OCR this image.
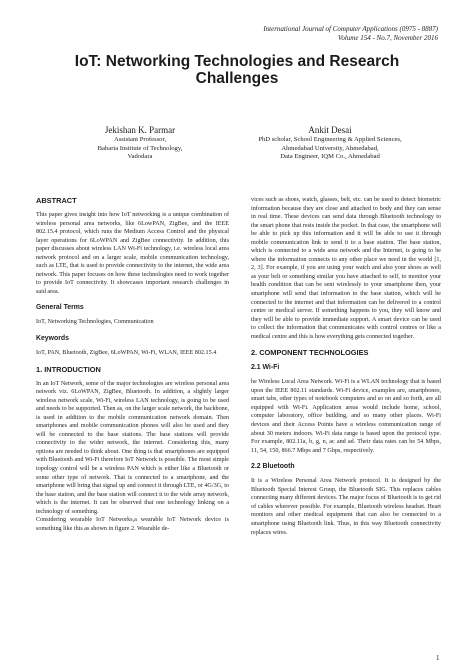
International Journal of Computer Applications (0975 - 8887)
Volume 154 - No.7, November 2016
IoT: Networking Technologies and Research
Challenges
Jekishan K. Parmar
Assistant Professor,
Babaria Institute of Technology,
Vadodara
Ankit Desai
PhD scholar, School Engineering & Applied Sciences,
Ahmedabad University, Ahmedabad,
Data Engineer, IQM Co., Ahmedabad
ABSTRACT

This paper gives insight into how IoT networking is a unique combination of wireless personal area networks, like 6LowPAN, ZigBee, and the IEEE 802.15.4 protocol, which runs the Medium Access Control and the physical layer operations for 6LoWPAN and ZigBee connectivity. In addition, this paper discusses about wireless LAN Wi-Fi technology, i.e. wireless local area network protocol and on a larger scale, mobile communication technology, such as LTE, that is used to provide connectivity to the internet, the wide area network. This paper focuses on how these technologies need to work together to provide IoT connectivity. It showcases important research challenges in said area.

General Terms

IoT, Networking Technologies, Communication

Keywords

IoT, PAN, Bluetooth, ZigBee, 6LoWPAN, Wi-Fi, WLAN, IEEE 802.15.4

1. INTRODUCTION

In an IoT Network, some of the major technologies are wireless personal area network viz. 6LoWPAN, ZigBee, Bluetooth. In addition, a slightly larger wireless network scale, Wi-Fi, wireless LAN technology, is going to be used and needs to be supported. Then as, on the larger scale network, the backbone, is used in addition to the mobile communication network domain. Then smartphones and mobile communication phones will also be used and they will be connected to the base stations. The base stations will provide connectivity to the wider network, the internet. Considering this, many options are needed to think about. One thing is that smartphones are equipped with Bluetooth and Wi-Fi therefore IoT Network is possible. The most simple topology control will be a wireless PAN which is either like a Bluetooth or some other type of network. That is connected to a smartphone, and the smartphone will bring that signal up and connect it through LTE, or 4G/3G, to the base station, and the base station will connect it to the wide array network, which is the internet. It can be observed that one technology linking on a technology of something.

Considering wearable IoT Networks,a wearable IoT Network device is something like this as shown in figure 2. Wearable de-

vices such as shoes, watch, glasses, belt, etc. can be used to detect biometric information because they are close and attached to body and they can sense in real time. These devices can send data through Bluetooth technology to the smart phone that rests inside the pocket. In that case, the smartphone will be able to pick up this information and it will be able to use it through mobile communication link to send it to a base station. The base station, which is connected to a wide area network and the Internet, is going to be where the information connects to any other place we need in the world [1, 2, 3]. For example, if you are using your watch and also your shoes as well as your belt or something similar you have attached to self, to monitor your health condition that can be sent wirelessly to your smartphone then, your smartphone will send that information to the base station, which will be connected to the internet and that information can be delivered to a control centre or medical server. If something happens to you, they will know and they will be able to provide immediate support. A smart device can be used to collect the information that communicates with control centres or like a medical centre and this is how everything gets connected together.

2. COMPONENT TECHNOLOGIES
2.1 Wi-Fi

he Wireless Local Area Network. Wi-Fi is a WLAN technology that is based upon the IEEE 802.11 standards. Wi-Fi device, examples are, smartphones, smart tabs, other types of notebook computers and so on and so forth, are all equipped with Wi-Fi. Application areas would include home, school, computer laboratory, office building, and so many other places. Wi-Fi devices and their Access Points have a wireless communication range of about 30 meters indoors. Wi-Fi data range is based upon the protocol type. For example, 802.11a, b, g, n, ac and ad. Their data rates can be 54 Mbps, 11, 54, 150, 866.7 Mbps and 7 Gbps, respectively.

2.2 Bluetooth

It is a Wireless Personal Area Network protocol. It is designed by the Bluetooth Special Interest Group, the Bluetooth SIG. This replaces cables connecting many different devices. The major focus of Bluetooth is to get rid of cables wherever possible. For example, Bluetooth wireless headset. Heart monitors and other medical equipment that can also be connected to a smartphone using Bluetooth link. Thus, in this way Bluetooth connectivity replaces wires.

1
